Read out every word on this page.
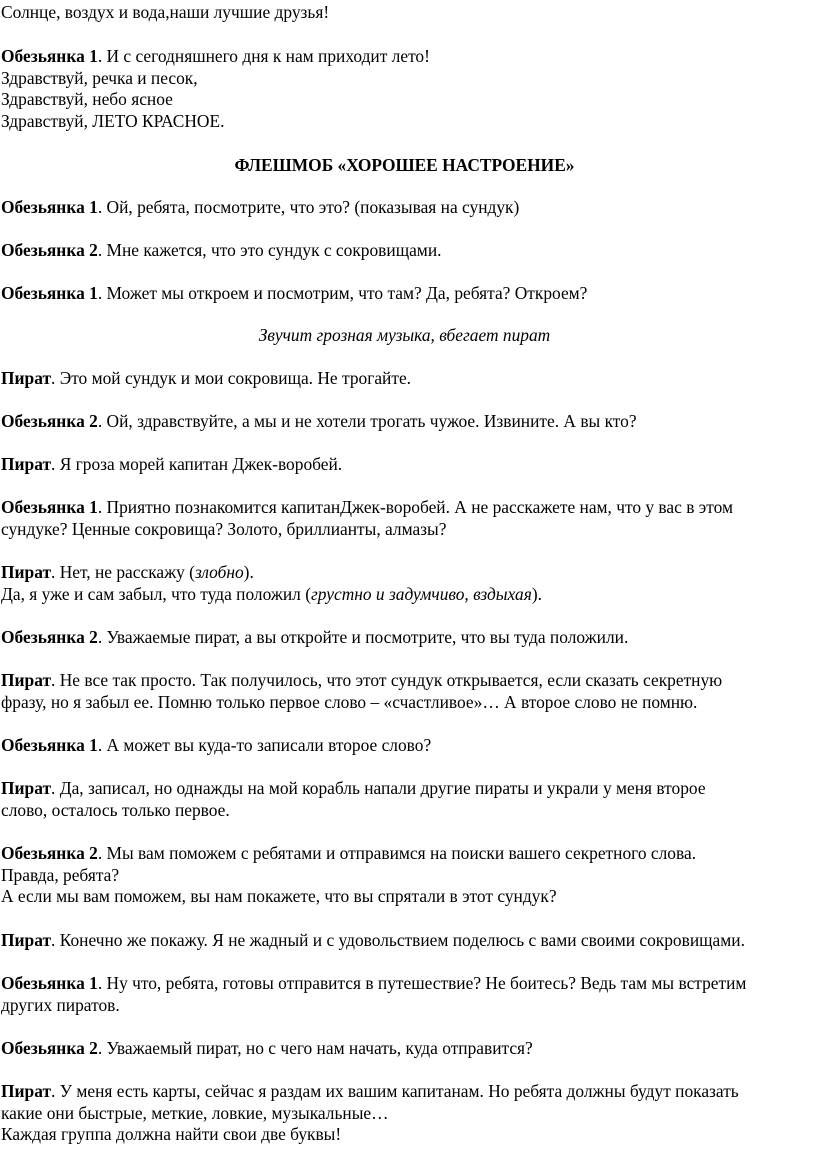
Солнце, воздух и вода,наши лучшие друзья!
Обезьянка 1. И с сегодняшнего дня к нам приходит лето!
Здравствуй, речка и песок,
Здравствуй, небо ясное
Здравствуй, ЛЕТО КРАСНОЕ.
ФЛЕШМОБ «ХОРОШЕЕ НАСТРОЕНИЕ»
Обезьянка 1. Ой, ребята, посмотрите, что это? (показывая на сундук)
Обезьянка 2. Мне кажется, что это сундук с сокровищами.
Обезьянка 1. Может мы откроем и посмотрим, что там? Да, ребята? Откроем?
Звучит грозная музыка, вбегает пират
Пират. Это мой сундук и мои сокровища. Не трогайте.
Обезьянка 2. Ой, здравствуйте, а мы и не хотели трогать чужое. Извините. А вы кто?
Пират. Я гроза морей капитан Джек-воробей.
Обезьянка 1. Приятно познакомится капитанДжек-воробей. А не расскажете нам, что у вас в этом
сундуке? Ценные сокровища? Золото, бриллианты, алмазы?
Пират. Нет, не расскажу (злобно).
Да, я уже и сам забыл, что туда положил (грустно и задумчиво, вздыхая).
Обезьянка 2. Уважаемые пират, а вы откройте и посмотрите, что вы туда положили.
Пират. Не все так просто. Так получилось, что этот сундук открывается, если сказать секретную
фразу, но я забыл ее. Помню только первое слово – «счастливое»… А второе слово не помню.
Обезьянка 1. А может вы куда-то записали второе слово?
Пират. Да, записал, но однажды на мой корабль напали другие пираты и украли у меня второе
слово, осталось только первое.
Обезьянка 2. Мы вам поможем с ребятами и отправимся на поиски вашего секретного слова.
Правда, ребята?
А если мы вам поможем, вы нам покажете, что вы спрятали в этот сундук?
Пират. Конечно же покажу. Я не жадный и с удовольствием поделюсь с вами своими сокровищами.
Обезьянка 1. Ну что, ребята, готовы отправится в путешествие? Не боитесь? Ведь там мы встретим
других пиратов.
Обезьянка 2. Уважаемый пират, но с чего нам начать, куда отправится?
Пират. У меня есть карты, сейчас я раздам их вашим капитанам. Но ребята должны будут показать
какие они быстрые, меткие, ловкие, музыкальные…
Каждая группа должна найти свои две буквы!
